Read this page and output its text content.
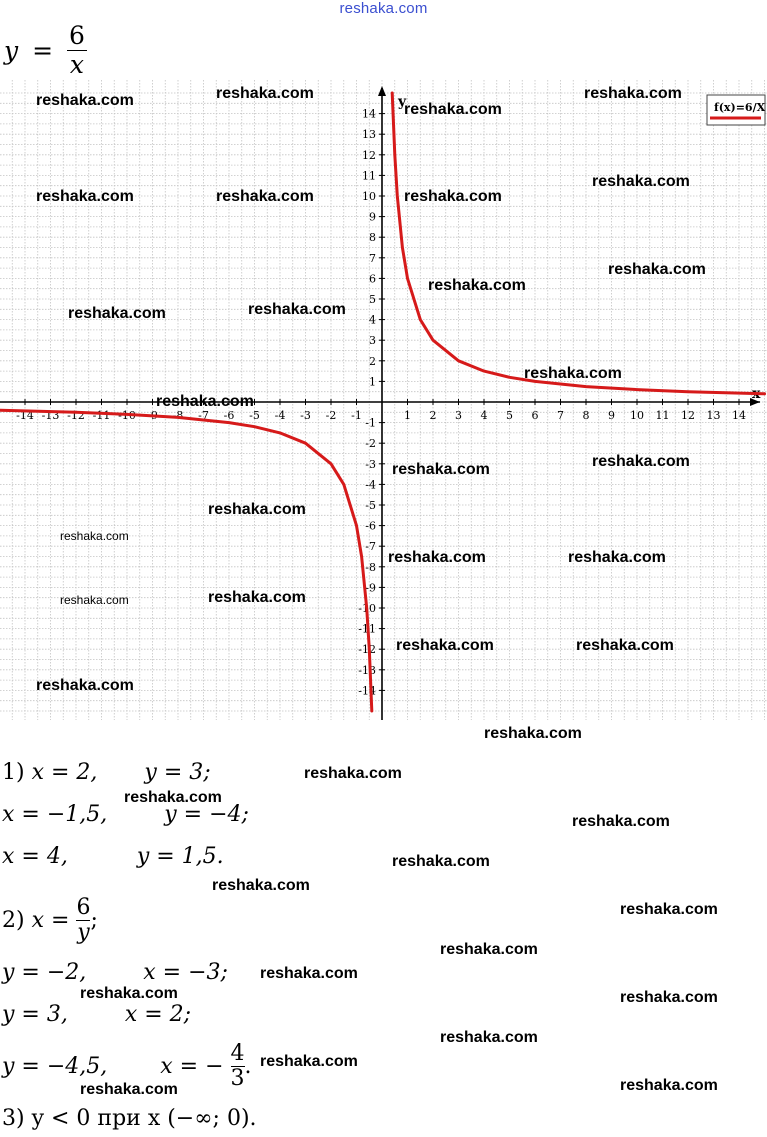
reshaka.com
$y = \frac{6}{x}$
x
y
-14 -13 -12 -11 -10 -9 -8 -7 -6 -5 -4 -3 -2 -1	1 2 3 4 5 6 7 8 9 10 11 12 13 14
14
13
12
11
10
9
8
7
6
5
4
3
2
1
-1
-2
-3
-4
-5
-6
-7
-8
-9
-10
-11
-12
-13
-14
f(x)=6/X
reshaka.com	reshaka.com
reshaka.com
reshaka.com
reshaka.com	reshaka.com	reshaka.com
reshaka.com
reshaka.com
reshaka.com
reshaka.com	reshaka.com
reshaka.com
reshaka.com
reshaka.com	reshaka.com
reshaka.com
reshaka.com
reshaka.com	reshaka.com
reshaka.com	reshaka.com
reshaka.com	reshaka.com
reshaka.com
1) x = 2, y = 3;
x = −1,5,	y = −4;
x = 4,	y = 1,5.
2) $x = \frac{6}{y}$ ;
y = −2,	x = −3;
y = 3,	x = 2;
y = −4,5, x = − $\frac{4}{3}$ .
3) y < 0 при x (−∞; 0).
reshaka.com
reshaka.com
reshaka.com
reshaka.com
reshaka.com
reshaka.com
reshaka.com
reshaka.com
reshaka.com
reshaka.com	reshaka.com
reshaka.com
reshaka.com
reshaka.com
reshaka.com
